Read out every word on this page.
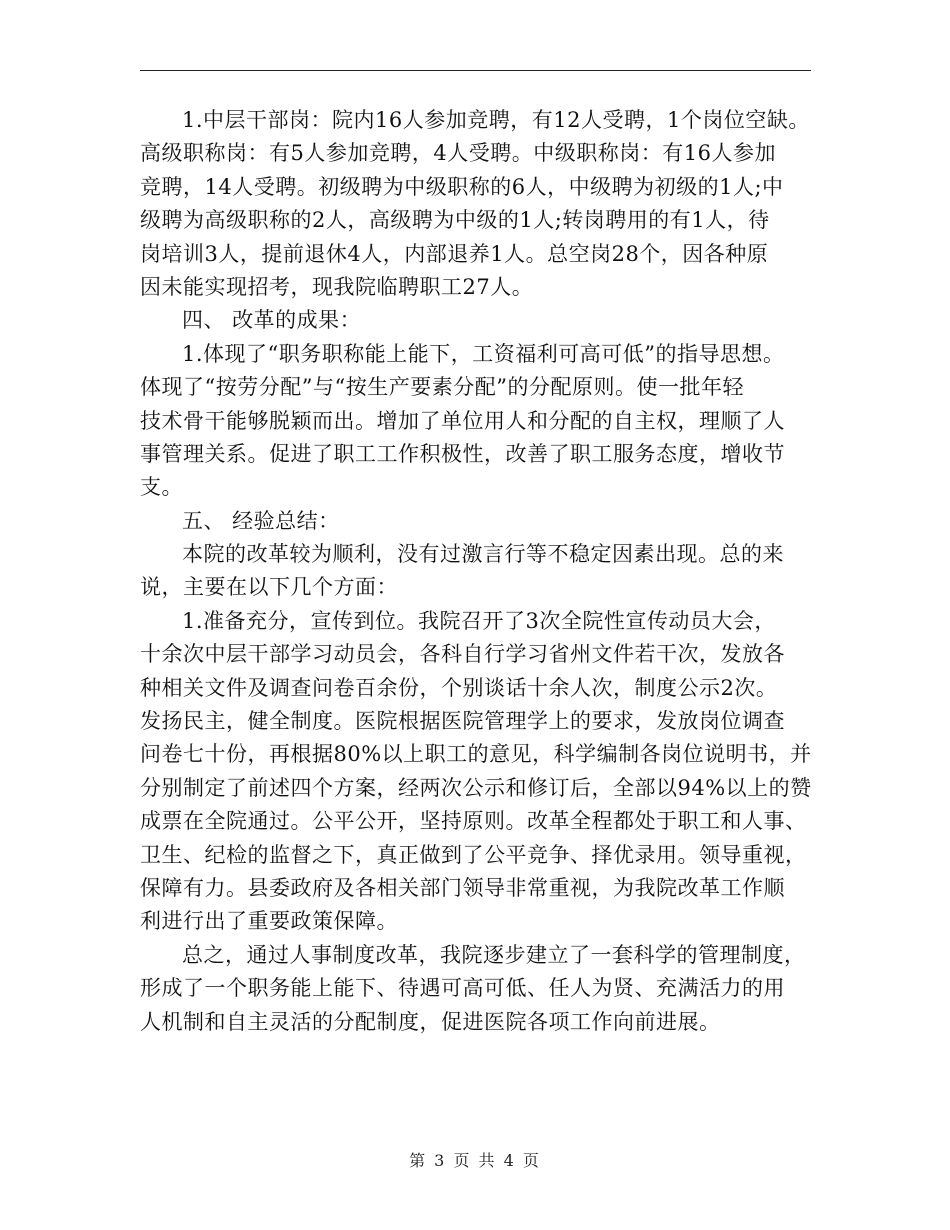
1.中层干部岗：院内16人参加竞聘，有12人受聘，1个岗位空缺。
高级职称岗：有5人参加竞聘，4人受聘。中级职称岗：有16人参加
竞聘，14人受聘。初级聘为中级职称的6人，中级聘为初级的1人;中
级聘为高级职称的2人，高级聘为中级的1人;转岗聘用的有1人，待
岗培训3人，提前退休4人，内部退养1人。总空岗28个，因各种原
因未能实现招考，现我院临聘职工27人。
四、 改革的成果：
1.体现了“职务职称能上能下，工资福利可高可低”的指导思想。
体现了“按劳分配”与“按生产要素分配”的分配原则。使一批年轻
技术骨干能够脱颖而出。增加了单位用人和分配的自主权，理顺了人
事管理关系。促进了职工工作积极性，改善了职工服务态度，增收节
支。
五、 经验总结：
本院的改革较为顺利，没有过激言行等不稳定因素出现。总的来
说，主要在以下几个方面：
1.准备充分，宣传到位。我院召开了3次全院性宣传动员大会，
十余次中层干部学习动员会，各科自行学习省州文件若干次，发放各
种相关文件及调查问卷百余份，个别谈话十余人次，制度公示2次。
发扬民主，健全制度。医院根据医院管理学上的要求，发放岗位调查
问卷七十份，再根据80%以上职工的意见，科学编制各岗位说明书，并
分别制定了前述四个方案，经两次公示和修订后，全部以94%以上的赞
成票在全院通过。公平公开，坚持原则。改革全程都处于职工和人事、
卫生、纪检的监督之下，真正做到了公平竞争、择优录用。领导重视，
保障有力。县委政府及各相关部门领导非常重视，为我院改革工作顺
利进行出了重要政策保障。
总之，通过人事制度改革，我院逐步建立了一套科学的管理制度，
形成了一个职务能上能下、待遇可高可低、任人为贤、充满活力的用
人机制和自主灵活的分配制度，促进医院各项工作向前进展。
第 3 页 共 4 页
